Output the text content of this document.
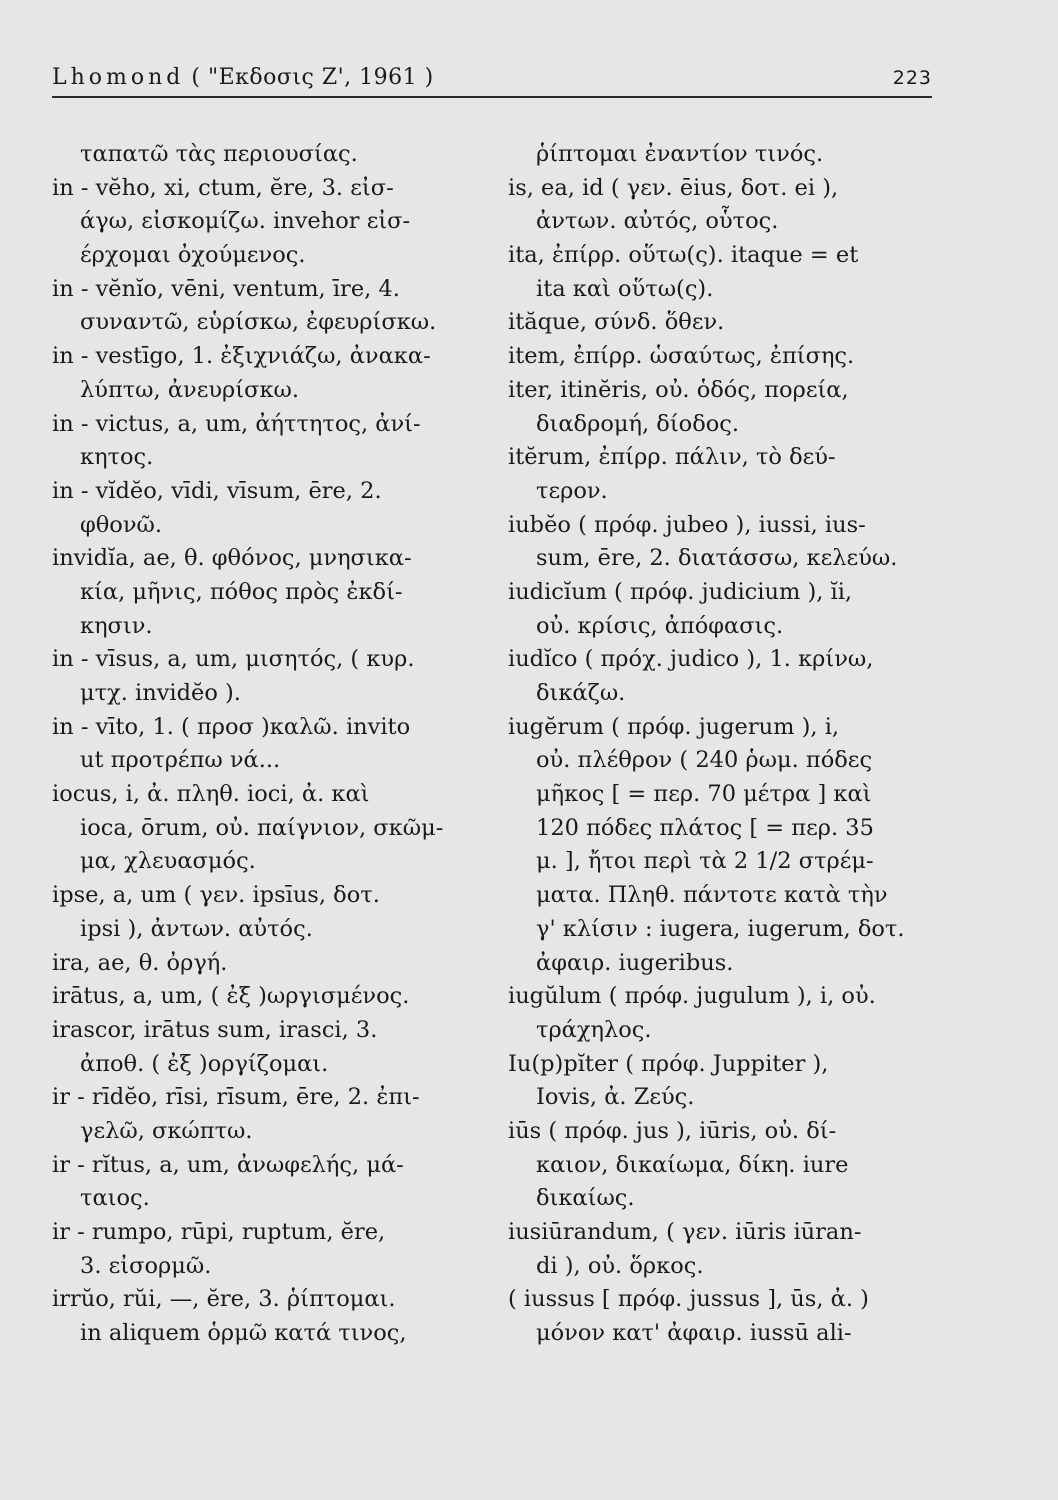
Lhomond ( "Εκδοσις Ζ', 1961 )	223
ταπατῶ τὰς περιουσίας.
in - vĕho, xi, ctum, ĕre, 3. εἰσ-
άγω, εἰσκομίζω. invehor εἰσ-
έρχομαι ὀχούμενος.
in - vĕnĭo, vēni, ventum, īre, 4.
συναντῶ, εὑρίσκω, ἐφευρίσκω.
in - vestīgo, 1. ἐξιχνιάζω, ἀνακα-
λύπτω, ἀνευρίσκω.
in - victus, a, um, ἀήττητος, ἀνί-
κητος.
in - vĭdĕo, vīdi, vīsum, ēre, 2.
φθονῶ.
invidĭa, ae, θ. φθόνος, μνησικα-
κία, μῆνις, πόθος πρὸς ἐκδί-
κησιν.
in - vīsus, a, um, μισητός, ( κυρ.
μτχ. invidĕo ).
in - vīto, 1. ( προσ )καλῶ. invito
ut προτρέπω νά...
iocus, i, ἀ. πληθ. ioci, ἀ. καὶ
ioca, ōrum, οὐ. παίγνιον, σκῶμ-
μα, χλευασμός.
ipse, a, um ( γεν. ipsīus, δοτ.
ipsi ), ἀντων. αὐτός.
ira, ae, θ. ὀργή.
irātus, a, um, ( ἐξ )ωργισμένος.
irascor, irātus sum, irasci, 3.
ἀποθ. ( ἐξ )οργίζομαι.
ir - rīdĕo, rīsi, rīsum, ēre, 2. ἐπι-
γελῶ, σκώπτω.
ir - rĭtus, a, um, ἀνωφελής, μά-
ταιος.
ir - rumpo, rūpi, ruptum, ĕre,
3. εἰσορμῶ.
irrŭo, rŭi, —, ĕre, 3. ῥίπτομαι.
in aliquem ὁρμῶ κατά τινος,
ῥίπτομαι ἐναντίον τινός.
is, ea, id ( γεν. ēius, δοτ. ei ),
ἀντων. αὐτός, οὗτος.
ita, ἐπίρρ. οὕτω(ς). itaque = et
ita καὶ οὕτω(ς).
ităque, σύνδ. ὅθεν.
item, ἐπίρρ. ὡσαύτως, ἐπίσης.
iter, itinĕris, οὐ. ὁδός, πορεία,
διαδρομή, δίοδος.
itĕrum, ἐπίρρ. πάλιν, τὸ δεύ-
τερον.
iubĕo ( πρόφ. jubeo ), iussi, ius-
sum, ēre, 2. διατάσσω, κελεύω.
iudicĭum ( πρόφ. judicium ), ĭi,
οὐ. κρίσις, ἀπόφασις.
iudĭco ( πρόχ. judico ), 1. κρίνω,
δικάζω.
iugĕrum ( πρόφ. jugerum ), i,
οὐ. πλέθρον ( 240 ῥωμ. πόδες
μῆκος [ = περ. 70 μέτρα ] καὶ
120 πόδες πλάτος [ = περ. 35
μ. ], ἤτοι περὶ τὰ 2 1/2 στρέμ-
ματα. Πληθ. πάντοτε κατὰ τὴν
γ' κλίσιν : iugera, iugerum, δοτ.
ἀφαιρ. iugeribus.
iugŭlum ( πρόφ. jugulum ), i, οὐ.
τράχηλος.
Iu(p)pĭter ( πρόφ. Juppiter ),
Iovis, ἀ. Ζεύς.
iūs ( πρόφ. jus ), iūris, οὐ. δί-
καιον, δικαίωμα, δίκη. iure
δικαίως.
iusiūrandum, ( γεν. iūris iūran-
di ), οὐ. ὅρκος.
( iussus [ πρόφ. jussus ], ūs, ἀ. )
μόνον κατ' ἀφαιρ. iussū ali-
